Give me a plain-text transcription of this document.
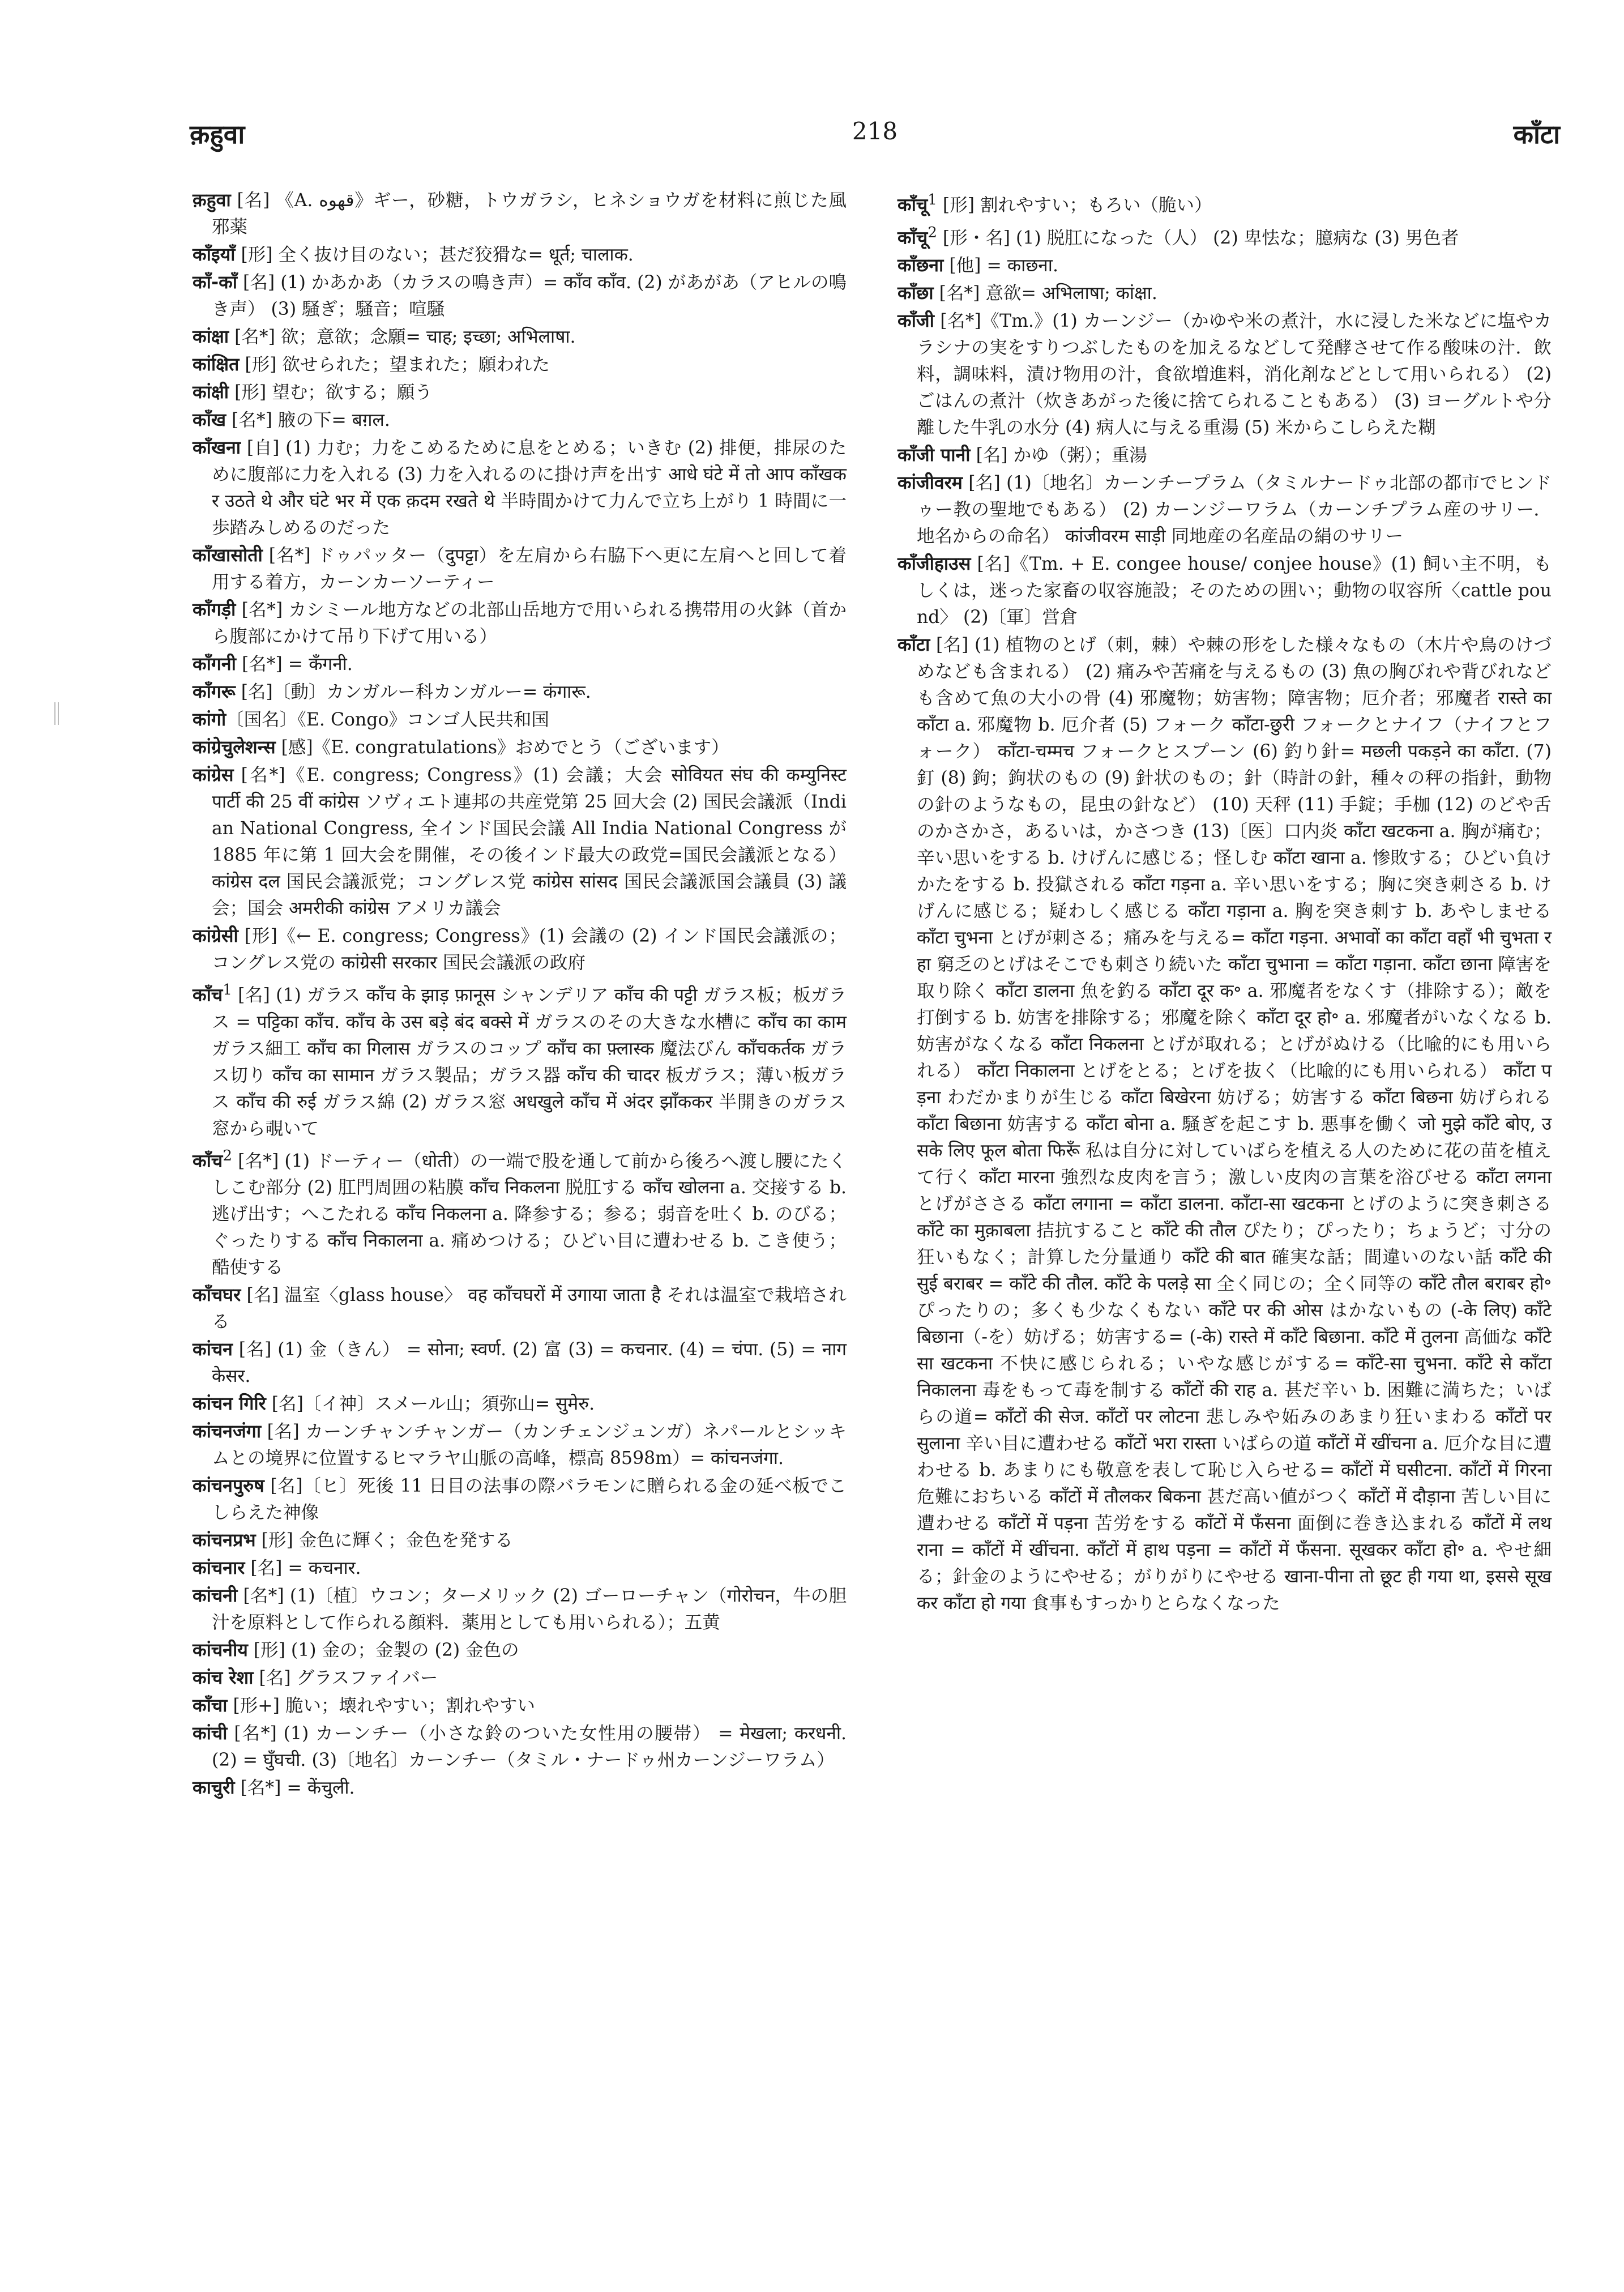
क़हुवा	218	काँटा
क़हुवा [名] 《A. قهوه》ギー，砂糖，トウガラシ，ヒネショウガを材料に煎じた風邪薬
काँइयाँ [形] 全く抜け目のない；甚だ狡猾な= धूर्त; चालाक.
काँ-काँ [名] (1) かあかあ（カラスの鳴き声）= काँव काँव. (2) があがあ（アヒルの鳴き声） (3) 騒ぎ；騒音；喧騒
कांक्षा [名*] 欲；意欲；念願= चाह; इच्छा; अभिलाषा.
कांक्षित [形] 欲せられた；望まれた；願われた
कांक्षी [形] 望む；欲する；願う
काँख [名*] 腋の下= बग़ल.
काँखना [自] (1) 力む；力をこめるために息をとめる；いきむ (2) 排便，排尿のために腹部に力を入れる (3) 力を入れるのに掛け声を出す आधे घंटे में तो आप काँखकर उठते थे और घंटे भर में एक क़दम रखते थे 半時間かけて力んで立ち上がり 1 時間に一歩踏みしめるのだった
काँखासोती [名*] ドゥパッター（दुपट्टा）を左肩から右脇下へ更に左肩へと回して着用する着方，カーンカーソーティー
काँगड़ी [名*] カシミール地方などの北部山岳地方で用いられる携帯用の火鉢（首から腹部にかけて吊り下げて用いる）
काँगनी [名*] = कँगनी.
काँगरू [名]〔動〕カンガルー科カンガルー= कंगारू.
कांगो〔国名〕《E. Congo》コンゴ人民共和国
कांग्रेचुलेशन्स [感]《E. congratulations》おめでとう（ございます）
कांग्रेस [名*]《E. congress; Congress》(1) 会議；大会 सोवियत संघ की कम्युनिस्ट पार्टी की 25 वीं कांग्रेस ソヴィエト連邦の共産党第 25 回大会 (2) 国民会議派（Indian National Congress, 全インド国民会議 All India National Congress が 1885 年に第 1 回大会を開催，その後インド最大の政党=国民会議派となる） कांग्रेस दल 国民会議派党；コングレス党 कांग्रेस सांसद 国民会議派国会議員 (3) 議会；国会 अमरीकी कांग्रेस アメリカ議会
कांग्रेसी [形]《← E. congress; Congress》(1) 会議の (2) インド国民会議派の；コングレス党の कांग्रेसी सरकार 国民会議派の政府
काँच$^1$ [名] (1) ガラス काँच के झाड़ फ़ानूस シャンデリア काँच की पट्टी ガラス板；板ガラス = पट्टिका काँच. काँच के उस बड़े बंद बक्से में ガラスのその大きな水槽に काँच का काम ガラス細工 काँच का गिलास ガラスのコップ काँच का फ़्लास्क 魔法びん काँचकर्तक ガラス切り काँच का सामान ガラス製品；ガラス器 काँच की चादर 板ガラス；薄い板ガラス काँच की रुई ガラス綿 (2) ガラス窓 अधखुले काँच में अंदर झाँककर 半開きのガラス窓から覗いて
काँच$^2$ [名*] (1) ドーティー（धोती）の一端で股を通して前から後ろへ渡し腰にたくしこむ部分 (2) 肛門周囲の粘膜 काँच निकलना 脱肛する काँच खोलना a. 交接する b. 逃げ出す；へこたれる काँच निकलना a. 降参する；参る；弱音を吐く b. のびる；ぐったりする काँच निकालना a. 痛めつける；ひどい目に遭わせる b. こき使う；酷使する
काँचघर [名] 温室〈glass house〉 वह काँचघरों में उगाया जाता है それは温室で栽培される
कांचन [名] (1) 金（きん） = सोना; स्वर्ण. (2) 富 (3) = कचनार. (4) = चंपा. (5) = नागकेसर.
कांचन गिरि [名]〔イ神〕スメール山；須弥山= सुमेरु.
कांचनजंगा [名] カーンチャンチャンガー（カンチェンジュンガ）ネパールとシッキムとの境界に位置するヒマラヤ山脈の高峰，標高 8598m）= कांचनजंगा.
कांचनपुरुष [名]〔ヒ〕死後 11 日目の法事の際バラモンに贈られる金の延べ板でこしらえた神像
कांचनप्रभ [形] 金色に輝く；金色を発する
कांचनार [名] = कचनार.
कांचनी [名*] (1)〔植〕ウコン；ターメリック (2) ゴーローチャン（गोरोचन，牛の胆汁を原料として作られる顔料．薬用としても用いられる）；五黄
कांचनीय [形] (1) 金の；金製の (2) 金色の
कांच रेशा [名] グラスファイバー
काँचा [形+] 脆い；壊れやすい；割れやすい
कांची [名*] (1) カーンチー（小さな鈴のついた女性用の腰帯） = मेखला; करधनी. (2) = घुँघची. (3)〔地名〕カーンチー（タミル・ナードゥ州カーンジーワラム）
काचुरी [名*] = केंचुली.
काँचू$^1$ [形] 割れやすい；もろい（脆い）
काँचू$^2$ [形・名] (1) 脱肛になった（人） (2) 卑怯な；臆病な (3) 男色者
काँछना [他] = काछना.
काँछा [名*] 意欲= अभिलाषा; कांक्षा.
काँजी [名*]《Tm.》(1) カーンジー（かゆや米の煮汁，水に浸した米などに塩やカラシナの実をすりつぶしたものを加えるなどして発酵させて作る酸味の汁．飲料，調味料，漬け物用の汁，食欲増進料，消化剤などとして用いられる） (2) ごはんの煮汁（炊きあがった後に捨てられることもある） (3) ヨーグルトや分離した牛乳の水分 (4) 病人に与える重湯 (5) 米からこしらえた糊
काँजी पानी [名] かゆ（粥）；重湯
कांजीवरम [名] (1)〔地名〕カーンチープラム（タミルナードゥ北部の都市でヒンドゥー教の聖地でもある） (2) カーンジーワラム（カーンチプラム産のサリー．地名からの命名） कांजीवरम साड़ी 同地産の名産品の絹のサリー
काँजीहाउस [名]《Tm. + E. congee house/ conjee house》(1) 飼い主不明，もしくは，迷った家畜の収容施設；そのための囲い；動物の収容所〈cattle pound〉 (2)〔軍〕営倉
काँटा [名] (1) 植物のとげ（刺，棘）や棘の形をした様々なもの（木片や鳥のけづめなども含まれる） (2) 痛みや苦痛を与えるもの (3) 魚の胸びれや背びれなども含めて魚の大小の骨 (4) 邪魔物；妨害物；障害物；厄介者；邪魔者 रास्ते का काँटा a. 邪魔物 b. 厄介者 (5) フォーク काँटा-छुरी フォークとナイフ（ナイフとフォーク） काँटा-चम्मच フォークとスプーン (6) 釣り針= मछली पकड़ने का काँटा. (7) 釘 (8) 鉤；鉤状のもの (9) 針状のもの；針（時計の針，種々の秤の指針，動物の針のようなもの，昆虫の針など） (10) 天秤 (11) 手錠；手枷 (12) のどや舌のかさかさ，あるいは，かさつき (13)〔医〕口内炎 काँटा खटकना a. 胸が痛む；辛い思いをする b. けげんに感じる；怪しむ काँटा खाना a. 惨敗する；ひどい負けかたをする b. 投獄される काँटा गड़ना a. 辛い思いをする；胸に突き刺さる b. けげんに感じる；疑わしく感じる काँटा गड़ाना a. 胸を突き刺す b. あやしませる काँटा चुभना とげが刺さる；痛みを与える= काँटा गड़ना. अभावों का काँटा वहाँ भी चुभता रहा 窮乏のとげはそこでも刺さり続いた काँटा चुभाना = काँटा गड़ाना. काँटा छाना 障害を取り除く काँटा डालना 魚を釣る काँटा दूर क॰ a. 邪魔者をなくす（排除する）；敵を打倒する b. 妨害を排除する；邪魔を除く काँटा दूर हो॰ a. 邪魔者がいなくなる b. 妨害がなくなる काँटा निकलना とげが取れる；とげがぬける（比喩的にも用いられる） काँटा निकालना とげをとる；とげを抜く（比喩的にも用いられる） काँटा पड़ना わだかまりが生じる काँटा बिखेरना 妨げる；妨害する काँटा बिछना 妨げられる काँटा बिछाना 妨害する काँटा बोना a. 騒ぎを起こす b. 悪事を働く जो मुझे काँटे बोए, उसके लिए फूल बोता फिरूँ 私は自分に対していばらを植える人のために花の苗を植えて行く काँटा मारना 強烈な皮肉を言う；激しい皮肉の言葉を浴びせる काँटा लगना とげがささる काँटा लगाना = काँटा डालना. काँटा-सा खटकना とげのように突き刺さる काँटे का मुक़ाबला 拮抗すること काँटे की तौल ぴたり；ぴったり；ちょうど；寸分の狂いもなく；計算した分量通り काँटे की बात 確実な話；間違いのない話 काँटे की सुई बराबर = काँटे की तौल. काँटे के पलड़े सा 全く同じの；全く同等の काँटे तौल बराबर हो॰ ぴったりの；多くも少なくもない काँटे पर की ओस はかないもの (-के लिए) काँटे बिछाना（-を）妨げる；妨害する= (-के) रास्ते में काँटे बिछाना. काँटे में तुलना 高価な काँटे सा खटकना 不快に感じられる；いやな感じがする= काँटे-सा चुभना. काँटे से काँटा निकालना 毒をもって毒を制する काँटों की राह a. 甚だ辛い b. 困難に満ちた；いばらの道= काँटों की सेज. काँटों पर लोटना 悲しみや妬みのあまり狂いまわる काँटों पर सुलाना 辛い目に遭わせる काँटों भरा रास्ता いばらの道 काँटों में खींचना a. 厄介な目に遭わせる b. あまりにも敬意を表して恥じ入らせる= काँटों में घसीटना. काँटों में गिरना 危難におちいる काँटों में तौलकर बिकना 甚だ高い値がつく काँटों में दौड़ाना 苦しい目に遭わせる काँटों में पड़ना 苦労をする काँटों में फँसना 面倒に巻き込まれる काँटों में लथराना = काँटों में खींचना. काँटों में हाथ पड़ना = काँटों में फँसना. सूखकर काँटा हो॰ a. やせ細る；針金のようにやせる；がりがりにやせる खाना-पीना तो छूट ही गया था, इससे सूखकर काँटा हो गया 食事もすっかりとらなくなった
